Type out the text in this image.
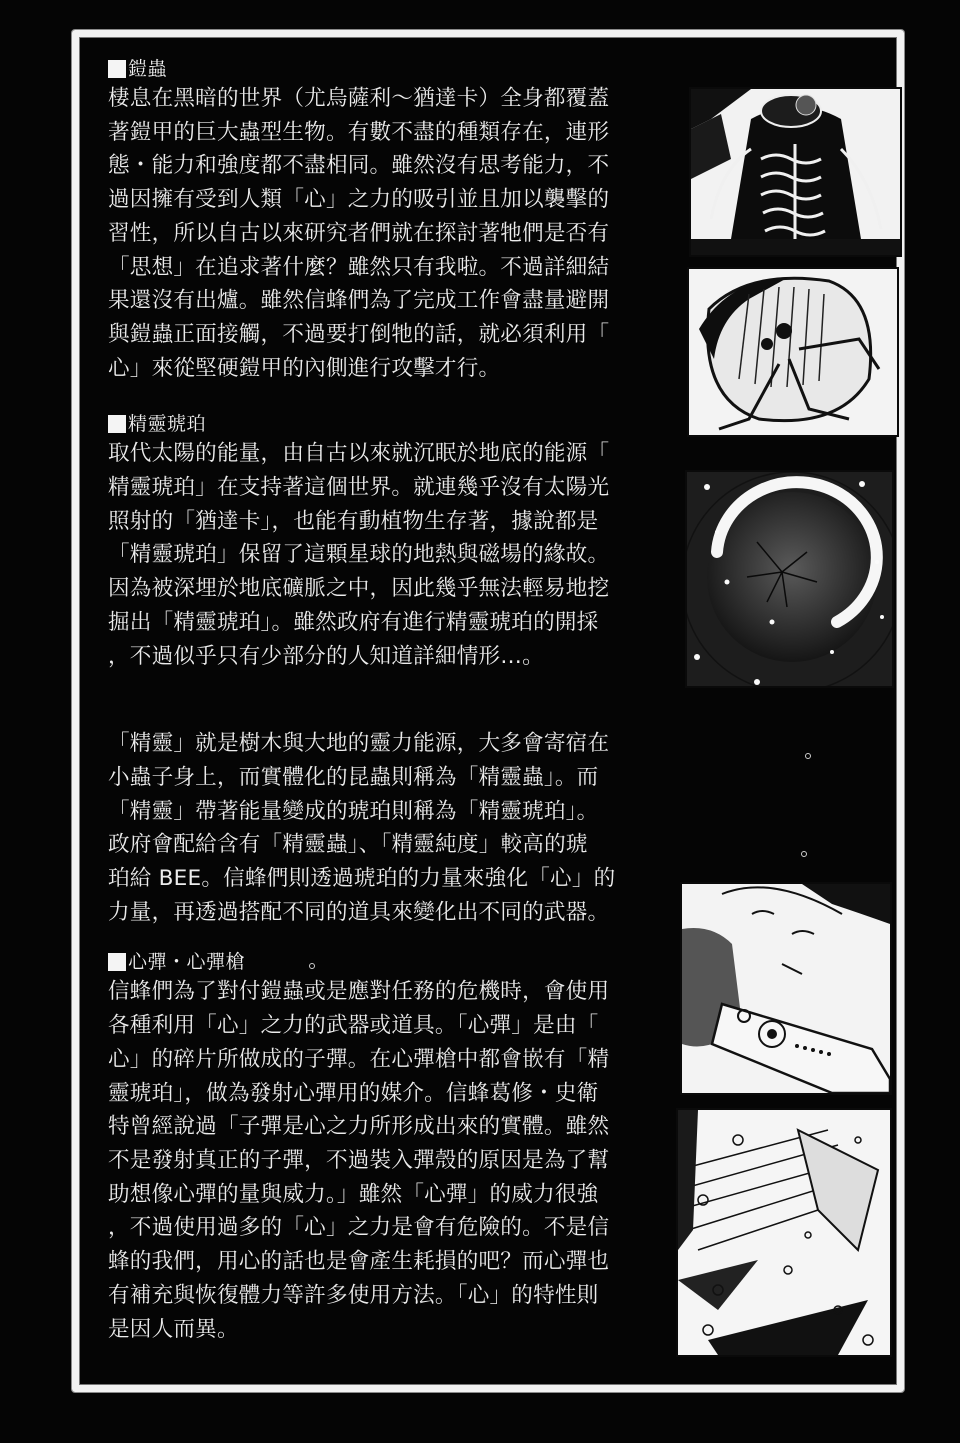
鎧蟲

棲息在黑暗的世界（尤烏薩利～猶達卡）全身都覆蓋
著鎧甲的巨大蟲型生物。有數不盡的種類存在，連形
態・能力和強度都不盡相同。雖然沒有思考能力，不
過因擁有受到人類「心」之力的吸引並且加以襲擊的
習性，所以自古以來研究者們就在探討著牠們是否有
「思想」在追求著什麼？雖然只有我啦。不過詳細結
果還沒有出爐。雖然信蜂們為了完成工作會盡量避開
與鎧蟲正面接觸，不過要打倒牠的話，就必須利用「
心」來從堅硬鎧甲的內側進行攻擊才行。

精靈琥珀

取代太陽的能量，由自古以來就沉眠於地底的能源「
精靈琥珀」在支持著這個世界。就連幾乎沒有太陽光
照射的「猶達卡」，也能有動植物生存著，據說都是
「精靈琥珀」保留了這顆星球的地熱與磁場的緣故。
因為被深埋於地底礦脈之中，因此幾乎無法輕易地挖
掘出「精靈琥珀」。雖然政府有進行精靈琥珀的開採
，不過似乎只有少部分的人知道詳細情形…。

「精靈」就是樹木與大地的靈力能源，大多會寄宿在
小蟲子身上，而實體化的昆蟲則稱為「精靈蟲」。而
「精靈」帶著能量變成的琥珀則稱為「精靈琥珀」。
政府會配給含有「精靈蟲」、「精靈純度」較高的琥
珀給 BEE。信蜂們則透過琥珀的力量來強化「心」的
力量，再透過搭配不同的道具來變化出不同的武器。

心彈・心彈槍

信蜂們為了對付鎧蟲或是應對任務的危機時，會使用
各種利用「心」之力的武器或道具。「心彈」是由「
心」的碎片所做成的子彈。在心彈槍中都會嵌有「精
靈琥珀」，做為發射心彈用的媒介。信蜂葛修・史衛
特曾經說過「子彈是心之力所形成出來的實體。雖然
不是發射真正的子彈，不過裝入彈殼的原因是為了幫
助想像心彈的量與威力。」雖然「心彈」的威力很強
，不過使用過多的「心」之力是會有危險的。不是信
蜂的我們，用心的話也是會產生耗損的吧？而心彈也
有補充與恢復體力等許多使用方法。「心」的特性則
是因人而異。
